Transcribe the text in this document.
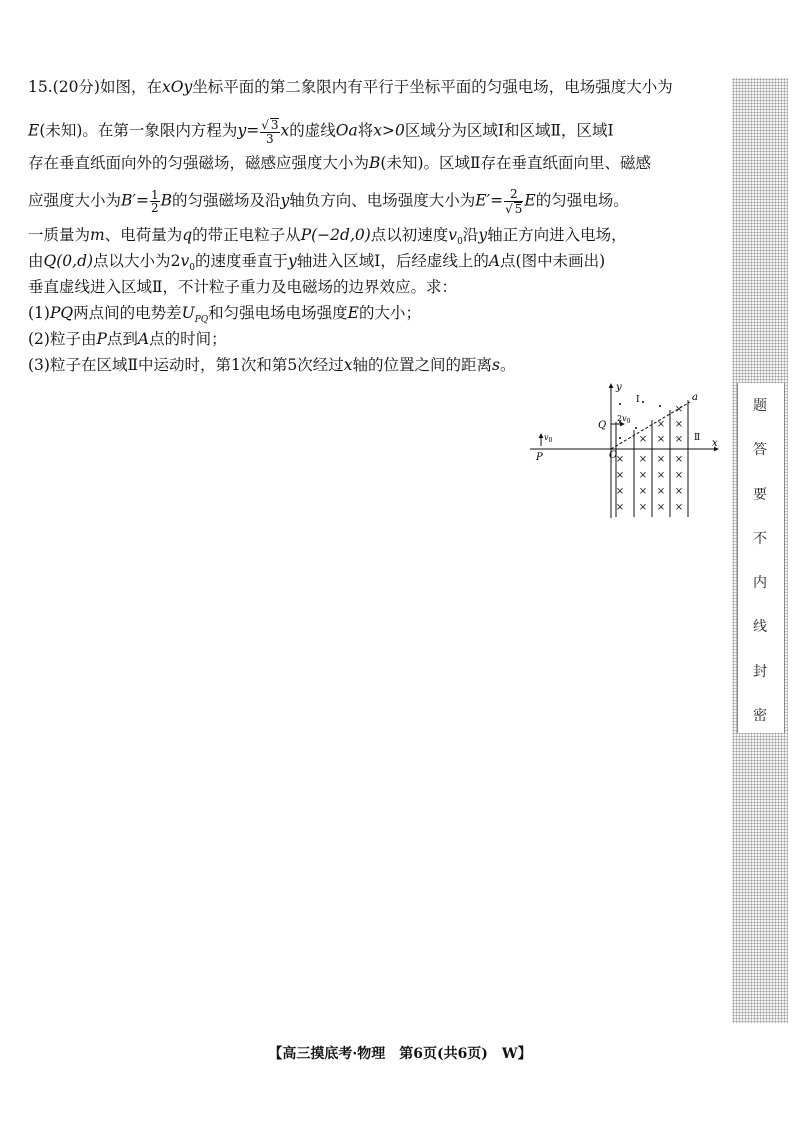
15.(20分)如图，在xOy坐标平面的第二象限内有平行于坐标平面的匀强电场，电场强度大小为
E(未知)。在第一象限内方程为$y= \frac{√ 3}{3}$ x的虚线Oa将x>0区域分为区域Ⅰ和区域Ⅱ，区域Ⅰ
存在垂直纸面向外的匀强磁场，磁感应强度大小为B(未知)。区域Ⅱ存在垂直纸面向里、磁感
应强度大小为$B'= \frac{1}{2}$ B的匀强磁场及沿y轴负方向、电场强度大小为$E'= \frac{2}{√ 5}$ E的匀强电场。
一质量为m、电荷量为q的带正电粒子从P(−2d,0)点以初速度$v_0$沿y轴正方向进入电场，
由Q(0,d)点以大小为$2v_0$的速度垂直于y轴进入区域Ⅰ，后经虚线上的A点(图中未画出)
垂直虚线进入区域Ⅱ，不计粒子重力及电磁场的边界效应。求：
(1)PQ两点间的电势差$U_{PQ}$和匀强电场电场强度E的大小；
(2)粒子由P点到A点的时间；
(3)粒子在区域Ⅱ中运动时，第1次和第5次经过x轴的位置之间的距离s。
×
× ×
× × ×
× × × ×
× × × ×
× × × ×
× × × ×
y
x
a
Ⅰ
Ⅱ
O
Q
P
$v_0$
$2v_0$
题
答
要
不
内
线
封
密
【高三摸底考·物理　第6页(共6页)　W】
